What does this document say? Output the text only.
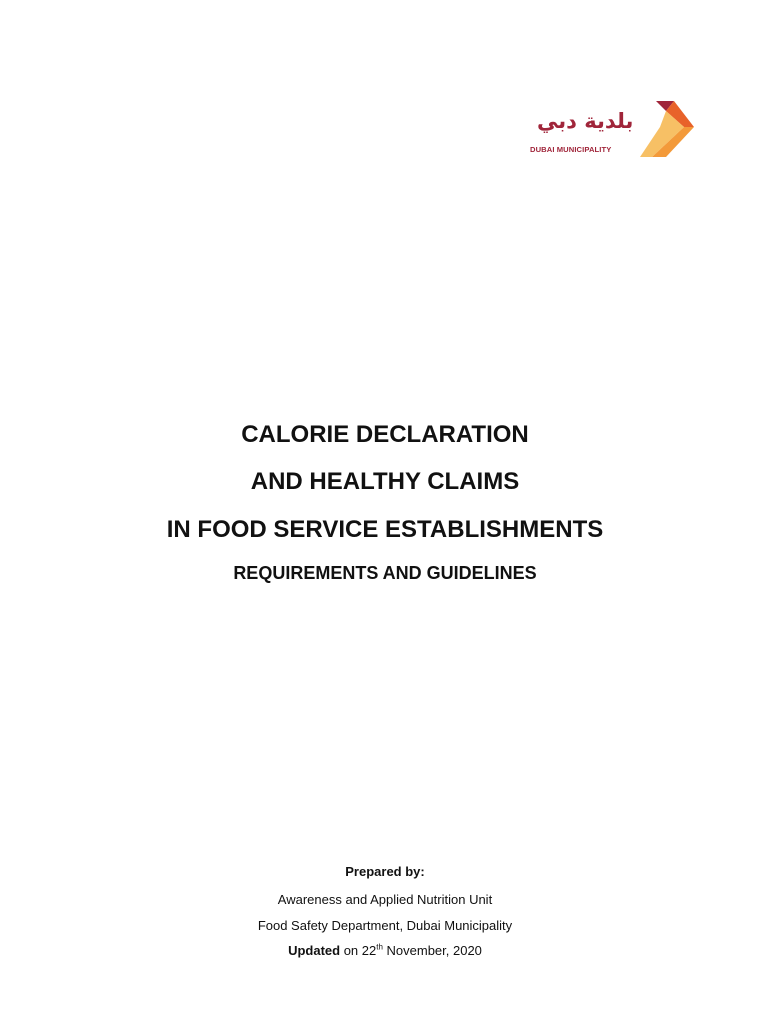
بلدية دبي
DUBAI MUNICIPALITY
CALORIE DECLARATION
AND HEALTHY CLAIMS
IN FOOD SERVICE ESTABLISHMENTS
REQUIREMENTS AND GUIDELINES
Prepared by:
Awareness and Applied Nutrition Unit
Food Safety Department, Dubai Municipality
Updated on 22th November, 2020
